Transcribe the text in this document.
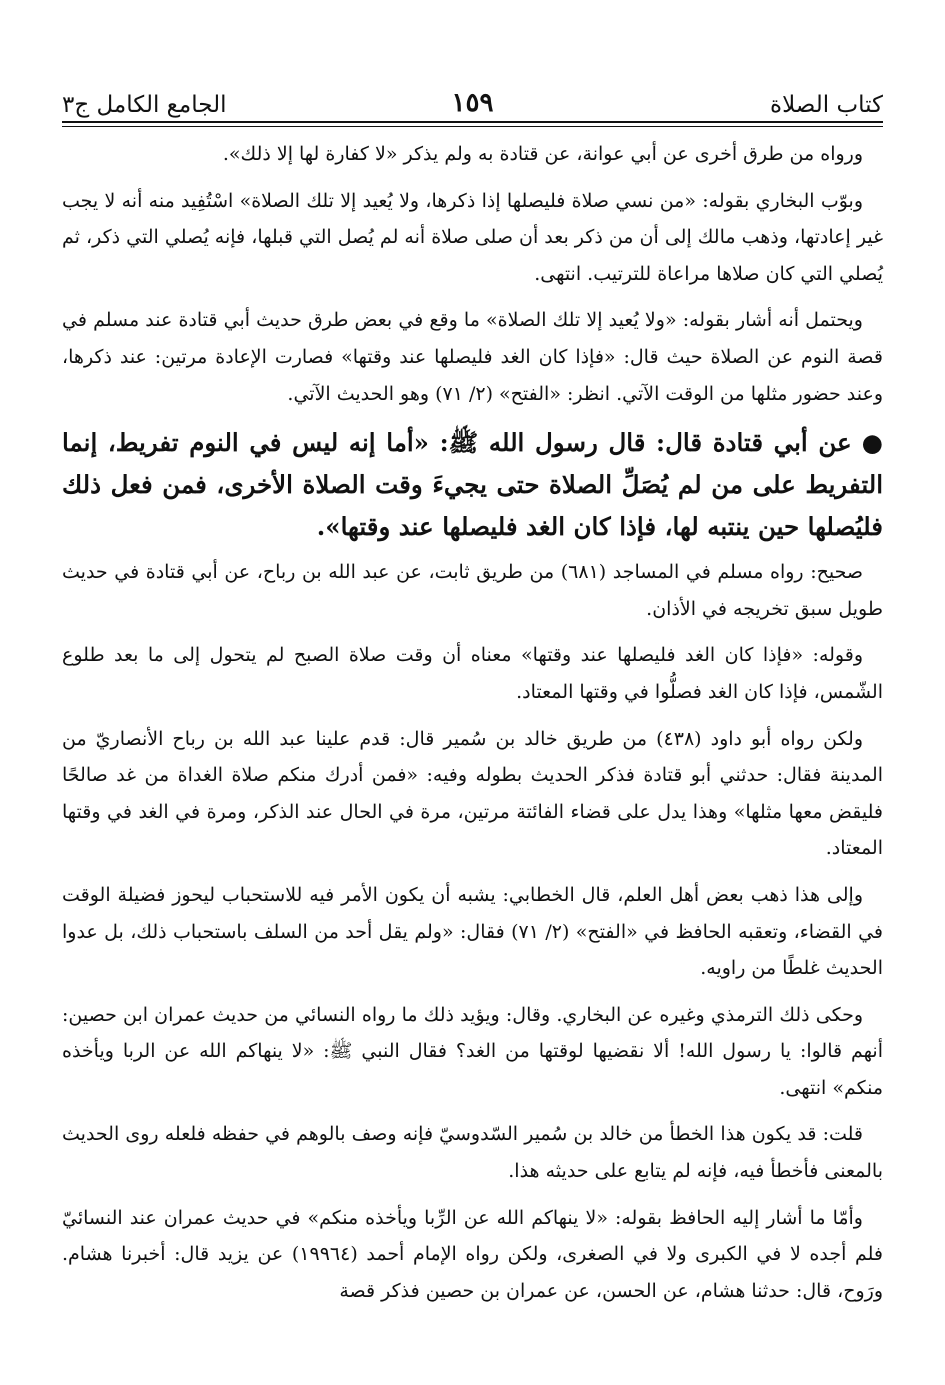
كتاب الصلاة
١٥٩
الجامع الكامل ج٣

ورواه من طرق أخرى عن أبي عوانة، عن قتادة به ولم يذكر «لا كفارة لها إلا ذلك».

وبوّب البخاري بقوله: «من نسي صلاة فليصلها إذا ذكرها، ولا يُعيد إلا تلك الصلاة» اسْتُفِيد منه أنه لا يجب غير إعادتها، وذهب مالك إلى أن من ذكر بعد أن صلى صلاة أنه لم يُصل التي قبلها، فإنه يُصلي التي ذكر، ثم يُصلي التي كان صلاها مراعاة للترتيب. انتهى.

ويحتمل أنه أشار بقوله: «ولا يُعيد إلا تلك الصلاة» ما وقع في بعض طرق حديث أبي قتادة عند مسلم في قصة النوم عن الصلاة حيث قال: «فإذا كان الغد فليصلها عند وقتها» فصارت الإعادة مرتين: عند ذكرها، وعند حضور مثلها من الوقت الآتي. انظر: «الفتح» (٢/ ٧١) وهو الحديث الآتي.

●عن أبي قتادة قال: قال رسول الله ﷺ: «أما إنه ليس في النوم تفريط، إنما التفريط على من لم يُصَلِّ الصلاة حتى يجيءَ وقت الصلاة الأخرى، فمن فعل ذلك فليُصلها حين ينتبه لها، فإذا كان الغد فليصلها عند وقتها».

صحيح: رواه مسلم في المساجد (٦٨١) من طريق ثابت، عن عبد الله بن رباح، عن أبي قتادة في حديث طويل سبق تخريجه في الأذان.

وقوله: «فإذا كان الغد فليصلها عند وقتها» معناه أن وقت صلاة الصبح لم يتحول إلى ما بعد طلوع الشّمس، فإذا كان الغد فصلُّوا في وقتها المعتاد.

ولكن رواه أبو داود (٤٣٨) من طريق خالد بن سُمير قال: قدم علينا عبد الله بن رباح الأنصاريّ من المدينة فقال: حدثني أبو قتادة فذكر الحديث بطوله وفيه: «فمن أدرك منكم صلاة الغداة من غد صالحًا فليقض معها مثلها» وهذا يدل على قضاء الفائتة مرتين، مرة في الحال عند الذكر، ومرة في الغد في وقتها المعتاد.

وإلى هذا ذهب بعض أهل العلم، قال الخطابي: يشبه أن يكون الأمر فيه للاستحباب ليحوز فضيلة الوقت في القضاء، وتعقبه الحافظ في «الفتح» (٢/ ٧١) فقال: «ولم يقل أحد من السلف باستحباب ذلك، بل عدوا الحديث غلطًا من راويه.

وحكى ذلك الترمذي وغيره عن البخاري. وقال: ويؤيد ذلك ما رواه النسائي من حديث عمران ابن حصين: أنهم قالوا: يا رسول الله! ألا نقضيها لوقتها من الغد؟ فقال النبي ﷺ: «لا ينهاكم الله عن الربا ويأخذه منكم» انتهى.

قلت: قد يكون هذا الخطأ من خالد بن سُمير السّدوسيّ فإنه وصف بالوهم في حفظه فلعله روى الحديث بالمعنى فأخطأ فيه، فإنه لم يتابع على حديثه هذا.

وأمّا ما أشار إليه الحافظ بقوله: «لا ينهاكم الله عن الرِّبا ويأخذه منكم» في حديث عمران عند النسائيّ فلم أجده لا في الكبرى ولا في الصغرى، ولكن رواه الإمام أحمد (١٩٩٦٤) عن يزيد قال: أخبرنا هشام. ورَوح، قال: حدثنا هشام، عن الحسن، عن عمران بن حصين فذكر قصة
